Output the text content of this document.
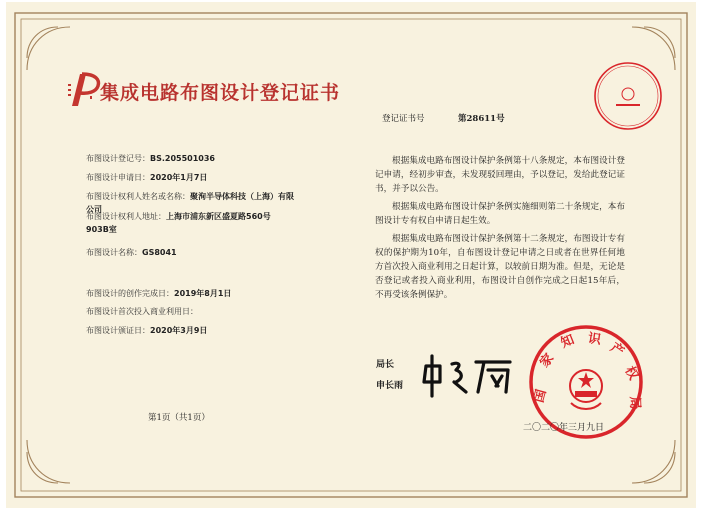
集成电路布图设计登记证书
登记证书号	第28611号
布图设计登记号：BS.205501036
布图设计申请日：2020年1月7日
布图设计权利人姓名或名称：聚洵半导体科技（上海）有限公司
布图设计权利人地址：上海市浦东新区盛夏路560号903B室
布图设计名称：GS8041
布图设计的创作完成日：2019年8月1日
布图设计首次投入商业利用日：
布图设计颁证日：2020年3月9日
根据集成电路布图设计保护条例第十八条规定，本布图设计登记申请，经初步审查，未发现驳回理由，予以登记，发给此登记证书，并予以公告。
根据集成电路布图设计保护条例实施细则第二十条规定，本布图设计专有权自申请日起生效。
根据集成电路布图设计保护条例第十二条规定，布图设计专有权的保护期为10年，自布图设计登记申请之日或者在世界任何地方首次投入商业利用之日起计算，以较前日期为准。但是，无论是否登记或者投入商业利用，布图设计自创作完成之日起15年后，不再受该条例保护。
局长
申长雨
国
家
知 识
产
权
局
二〇二〇年三月九日
第1页（共1页）
